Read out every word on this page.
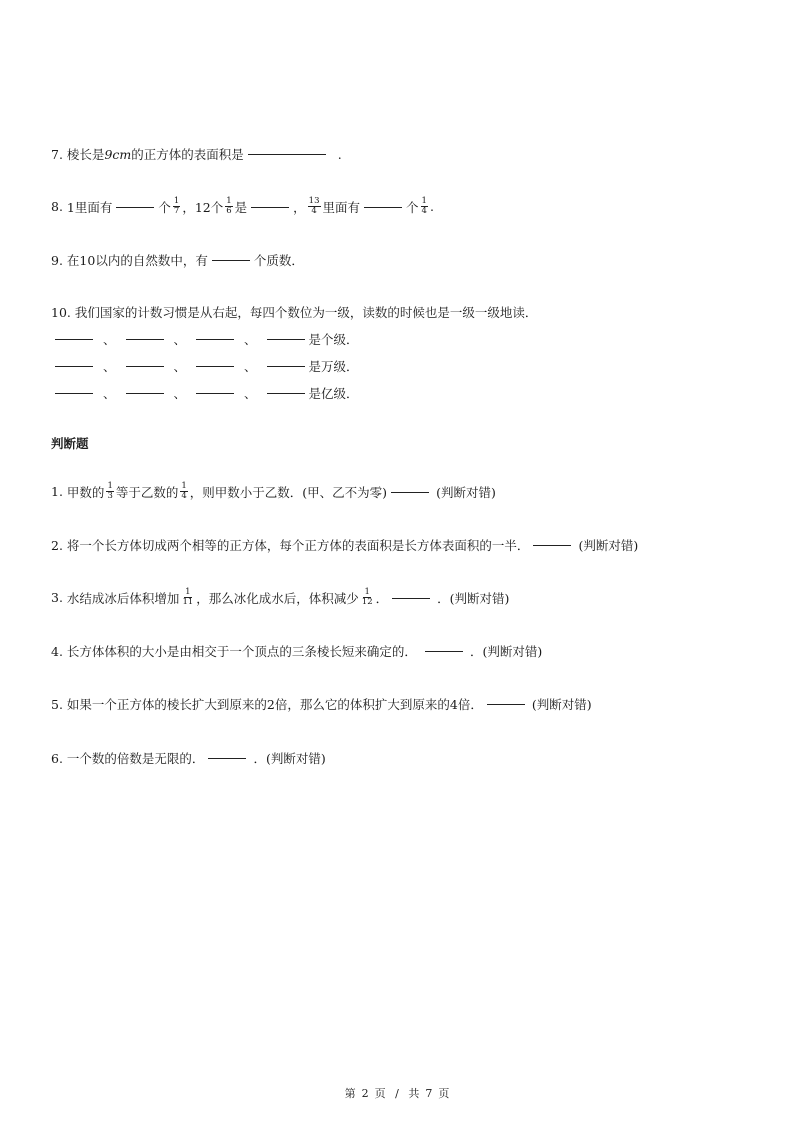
7.
棱长是 9 cm 的正方体的表面积是
	.
8.
1里面有	个 $\frac{1}{7}$ ，12个 $\frac{1}{6}$ 是	， $\frac{13}{4}$ 里面有	个 $\frac{1}{4}$ .
9.
在10以内的自然数中，有	个质数．
10.
我们国家的计数习惯是从右起，每四个数位为一级，读数的时候也是一级一级地读．
、	、	、	是个级．
、	、	、	是万级．
、	、	、	是亿级．
判断题
1.
甲数的 $\frac{1}{3}$ 等于乙数的 $\frac{1}{4}$ ，则甲数小于乙数．(甲、乙不为零)	(判断对错)
2.
将一个长方体切成两个相等的正方体，每个正方体的表面积是长方体表面积的一半．	(判断对错)
3.
水结成冰后体积增加 $\frac{1}{11}$ ，那么冰化成水后，体积减少 $\frac{1}{12}$ ．	．(判断对错)
4.
长方体体积的大小是由相交于一个顶点的三条棱长短来确定的．	．(判断对错)
5.
如果一个正方体的棱长扩大到原来的2倍，那么它的体积扩大到原来的4倍．	(判断对错)
6.
一个数的倍数是无限的．	．(判断对错)
第 2 页 / 共 7 页
